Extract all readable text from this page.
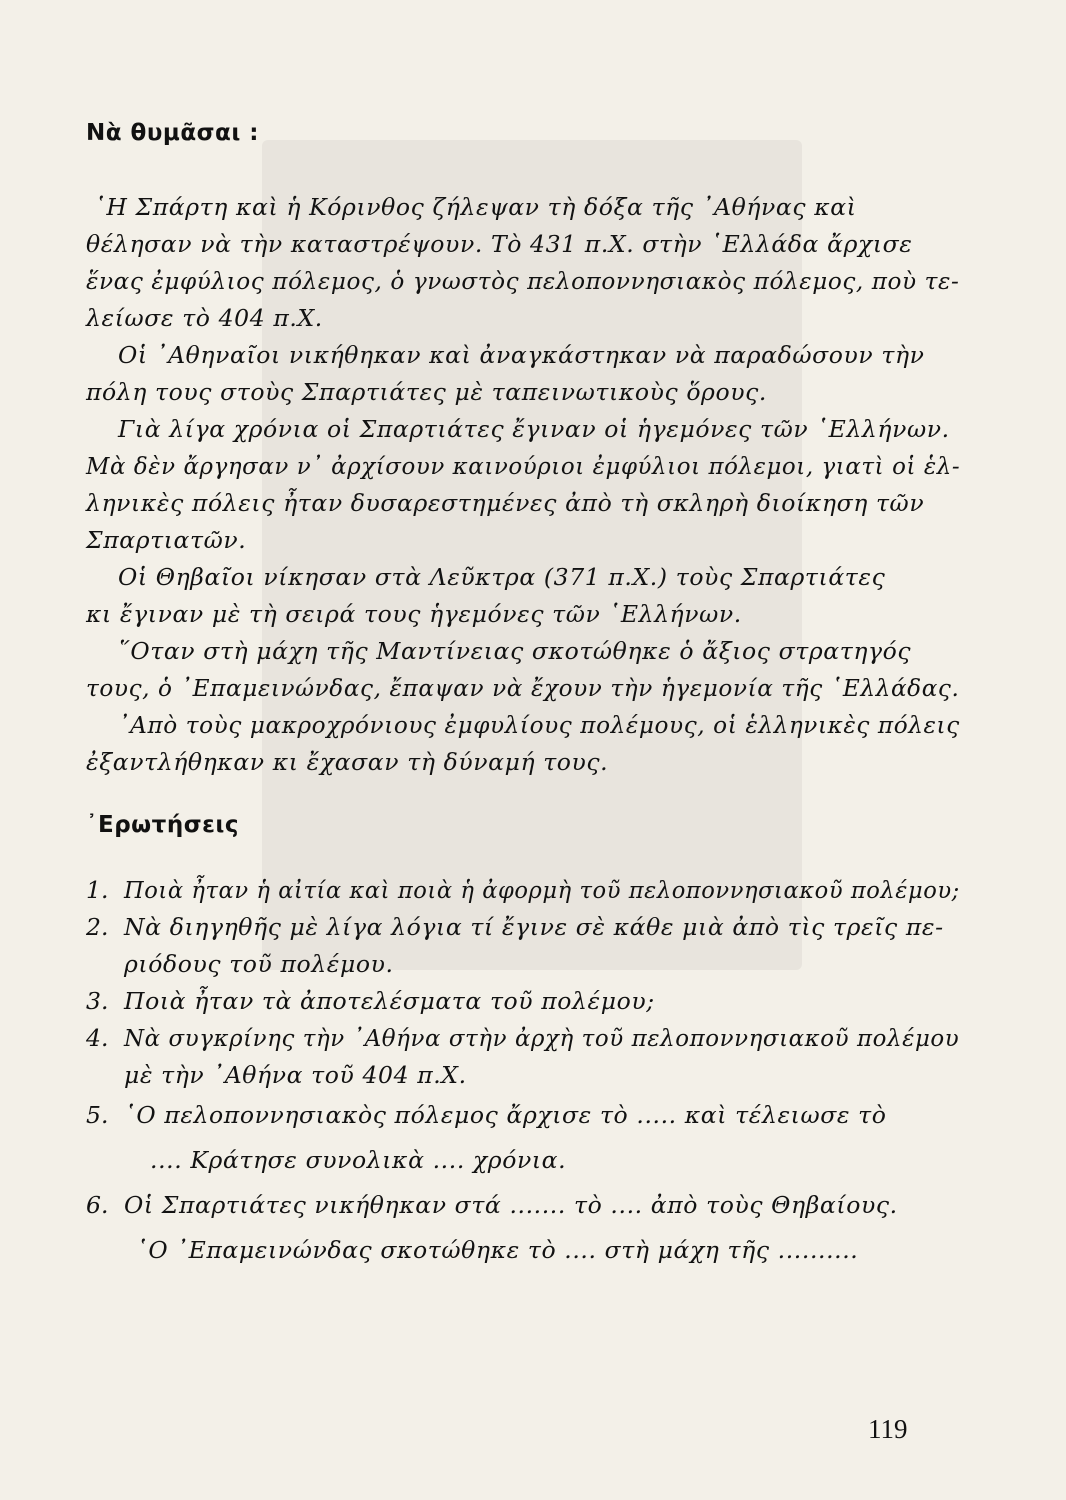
Νὰ θυμᾶσαι :
῾Η Σπάρτη καὶ ἡ Κόρινθος ζήλεψαν τὴ δόξα τῆς ᾿Αθήνας καὶ
θέλησαν νὰ τὴν καταστρέψουν. Τὸ 431 π.Χ. στὴν ῾Ελλάδα ἄρχισε
ἕνας ἐμφύλιος πόλεμος, ὁ γνωστὸς πελοποννησιακὸς πόλεμος, ποὺ τε-
λείωσε τὸ 404 π.Χ.
Οἱ ᾿Αθηναῖοι νικήθηκαν καὶ ἀναγκάστηκαν νὰ παραδώσουν τὴν
πόλη τους στοὺς Σπαρτιάτες μὲ ταπεινωτικοὺς ὅρους.
Γιὰ λίγα χρόνια οἱ Σπαρτιάτες ἔγιναν οἱ ἡγεμόνες τῶν ῾Ελλήνων.
Μὰ δὲν ἄργησαν ν᾿ ἀρχίσουν καινούριοι ἐμφύλιοι πόλεμοι, γιατὶ οἱ ἑλ-
ληνικὲς πόλεις ἦταν δυσαρεστημένες ἀπὸ τὴ σκληρὴ διοίκηση τῶν
Σπαρτιατῶν.
Οἱ Θηβαῖοι νίκησαν στὰ Λεῦκτρα (371 π.Χ.) τοὺς Σπαρτιάτες
κι ἔγιναν μὲ τὴ σειρά τους ἡγεμόνες τῶν ῾Ελλήνων.
῞Οταν στὴ μάχη τῆς Μαντίνειας σκοτώθηκε ὁ ἄξιος στρατηγός
τους, ὁ ᾿Επαμεινώνδας, ἔπαψαν νὰ ἔχουν τὴν ἡγεμονία τῆς ῾Ελλάδας.
᾿Απὸ τοὺς μακροχρόνιους ἐμφυλίους πολέμους, οἱ ἑλληνικὲς πόλεις
ἐξαντλήθηκαν κι ἔχασαν τὴ δύναμή τους.
᾿Ερωτήσεις
1. Ποιὰ ἦταν ἡ αἰτία καὶ ποιὰ ἡ ἀφορμὴ τοῦ πελοποννησιακοῦ πολέμου;
2. Νὰ διηγηθῆς μὲ λίγα λόγια τί ἔγινε σὲ κάθε μιὰ ἀπὸ τὶς τρεῖς πε-
ριόδους τοῦ πολέμου.
3. Ποιὰ ἦταν τὰ ἀποτελέσματα τοῦ πολέμου;
4. Νὰ συγκρίνης τὴν ᾿Αθήνα στὴν ἀρχὴ τοῦ πελοποννησιακοῦ πολέμου
μὲ τὴν ᾿Αθήνα τοῦ 404 π.Χ.
5. ῾Ο πελοποννησιακὸς πόλεμος ἄρχισε τὸ ..... καὶ τέλειωσε τὸ
.... Κράτησε συνολικὰ .... χρόνια.
6. Οἱ Σπαρτιάτες νικήθηκαν στά ....... τὸ .... ἀπὸ τοὺς Θηβαίους.
῾Ο ᾿Επαμεινώνδας σκοτώθηκε τὸ .... στὴ μάχη τῆς ..........
119
